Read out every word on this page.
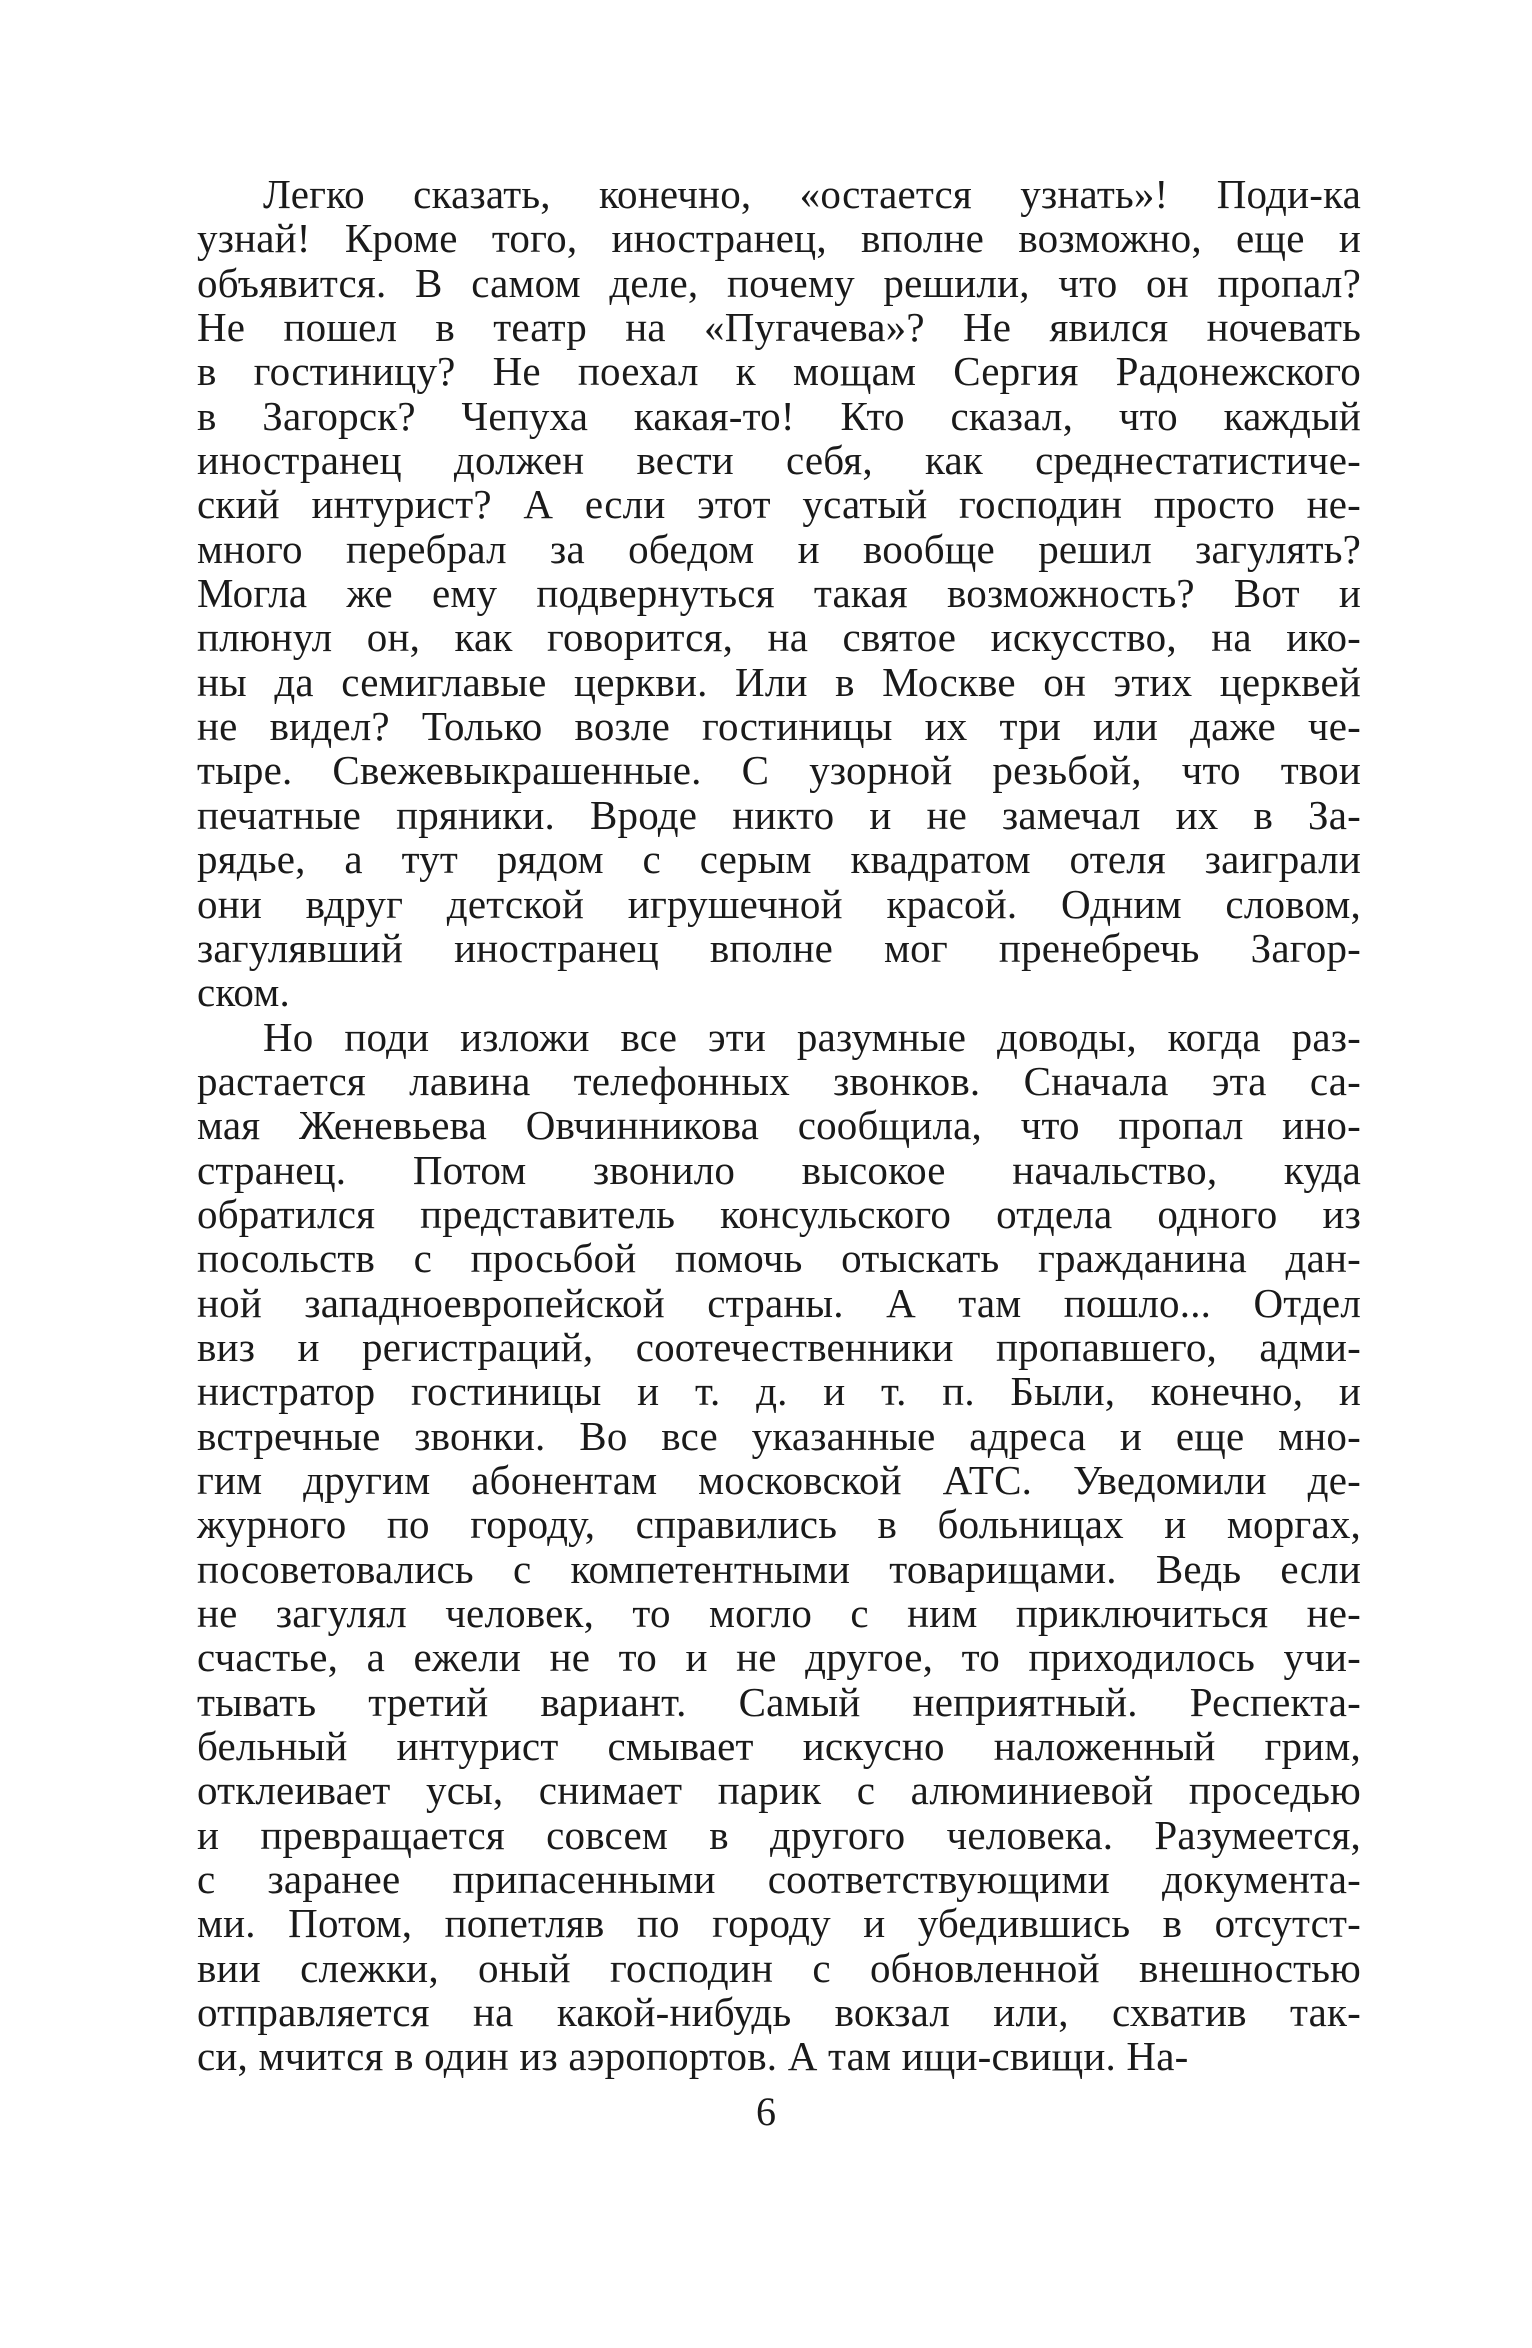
Легко сказать, конечно, «остается узнать»! Поди-ка
узнай! Кроме того, иностранец, вполне возможно, еще и
объявится. В самом деле, почему решили, что он пропал?
Не пошел в театр на «Пугачева»? Не явился ночевать
в гостиницу? Не поехал к мощам Сергия Радонежского
в Загорск? Чепуха какая-то! Кто сказал, что каждый
иностранец должен вести себя, как среднестатистиче-
ский интурист? А если этот усатый господин просто не-
много перебрал за обедом и вообще решил загулять?
Могла же ему подвернуться такая возможность? Вот и
плюнул он, как говорится, на святое искусство, на ико-
ны да семиглавые церкви. Или в Москве он этих церквей
не видел? Только возле гостиницы их три или даже че-
тыре. Свежевыкрашенные. С узорной резьбой, что твои
печатные пряники. Вроде никто и не замечал их в За-
рядье, а тут рядом с серым квадратом отеля заиграли
они вдруг детской игрушечной красой. Одним словом,
загулявший иностранец вполне мог пренебречь Загор-
ском.
Но поди изложи все эти разумные доводы, когда раз-
растается лавина телефонных звонков. Сначала эта са-
мая Женевьева Овчинникова сообщила, что пропал ино-
странец. Потом звонило высокое начальство, куда
обратился представитель консульского отдела одного из
посольств с просьбой помочь отыскать гражданина дан-
ной западноевропейской страны. А там пошло... Отдел
виз и регистраций, соотечественники пропавшего, адми-
нистратор гостиницы и т. д. и т. п. Были, конечно, и
встречные звонки. Во все указанные адреса и еще мно-
гим другим абонентам московской АТС. Уведомили де-
журного по городу, справились в больницах и моргах,
посоветовались с компетентными товарищами. Ведь если
не загулял человек, то могло с ним приключиться не-
счастье, а ежели не то и не другое, то приходилось учи-
тывать третий вариант. Самый неприятный. Респекта-
бельный интурист смывает искусно наложенный грим,
отклеивает усы, снимает парик с алюминиевой проседью
и превращается совсем в другого человека. Разумеется,
с заранее припасенными соответствующими документа-
ми. Потом, попетляв по городу и убедившись в отсутст-
вии слежки, оный господин с обновленной внешностью
отправляется на какой-нибудь вокзал или, схватив так-
си, мчится в один из аэропортов. А там ищи-свищи. На-
6
